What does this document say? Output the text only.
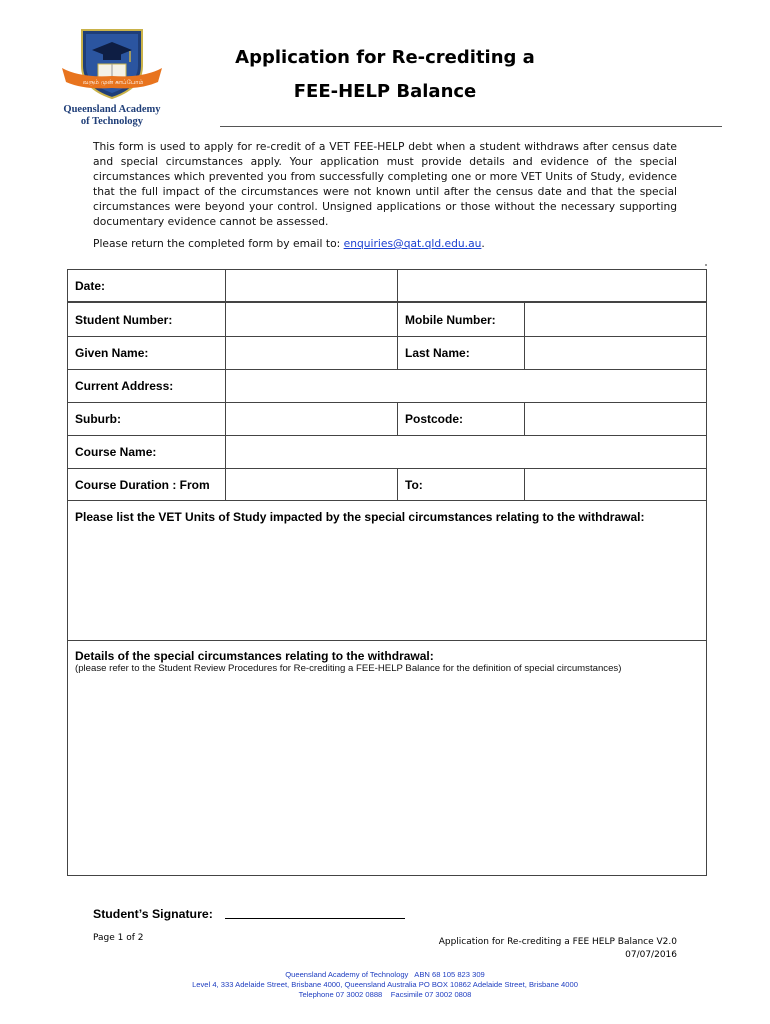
வரும் முன் காப்போம்
Queensland Academy
of Technology
Application for Re-crediting a
FEE-HELP Balance
This form is used to apply for re-credit of a VET FEE-HELP debt when a student withdraws after census date and special circumstances apply. Your application must provide details and evidence of the special circumstances which prevented you from successfully completing one or more VET Units of Study, evidence that the full impact of the circumstances were not known until after the census date and that the special circumstances were beyond your control. Unsigned applications or those without the necessary supporting documentary evidence cannot be assessed.
Please return the completed form by email to: enquiries@qat.qld.edu.au.
Date:
Student Number:	Mobile Number:
Given Name:	Last Name:
Current Address:
Suburb:	Postcode:
Course Name:
Course Duration : From	To:
Please list the VET Units of Study impacted by the special circumstances relating to the withdrawal:
Details of the special circumstances relating to the withdrawal:
(please refer to the Student Review Procedures for Re-crediting a FEE-HELP Balance for the definition of special circumstances)
Student’s Signature:
Page 1 of 2	Application for Re-crediting a FEE HELP Balance V2.0
07/07/2016
Queensland Academy of Technology   ABN 68 105 823 309
Level 4, 333 Adelaide Street, Brisbane 4000, Queensland Australia PO BOX 10862 Adelaide Street, Brisbane 4000
Telephone 07 3002 0888    Facsimile 07 3002 0808
